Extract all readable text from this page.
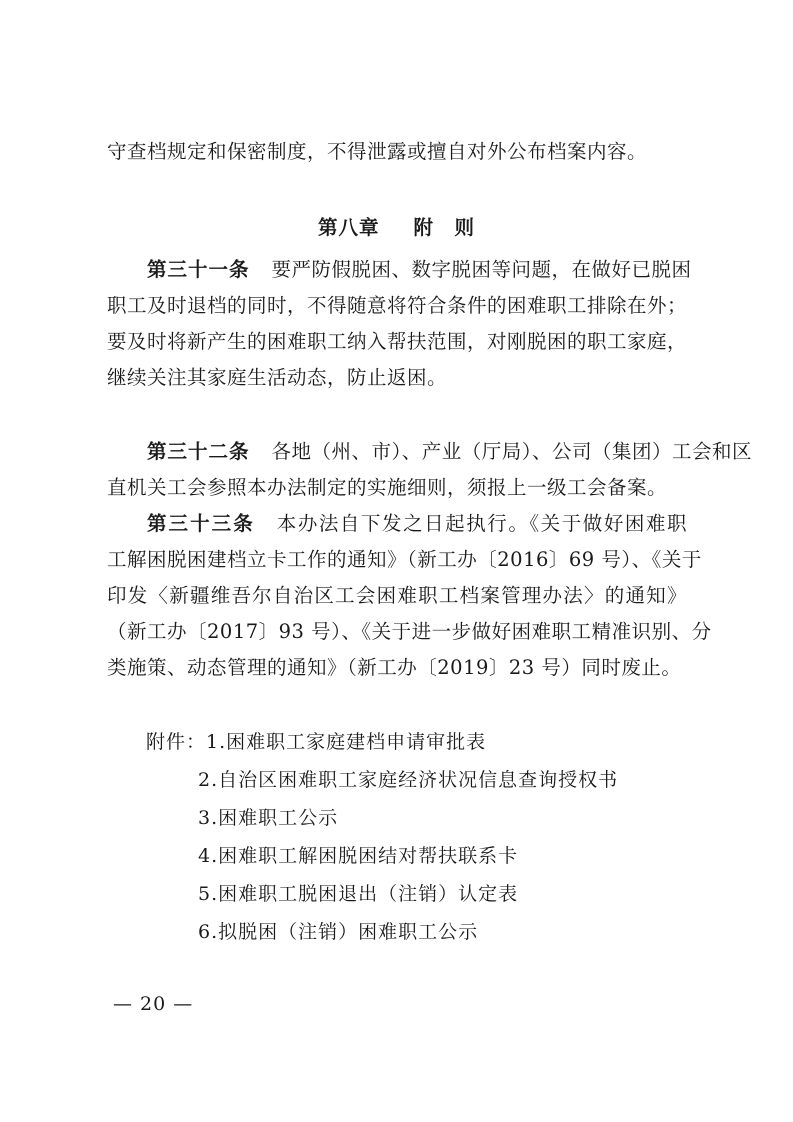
守查档规定和保密制度，不得泄露或擅自对外公布档案内容。
第八章 附　则
第三十一条 要严防假脱困、数字脱困等问题，在做好已脱困
职工及时退档的同时，不得随意将符合条件的困难职工排除在外；
要及时将新产生的困难职工纳入帮扶范围，对刚脱困的职工家庭，
继续关注其家庭生活动态，防止返困。
第三十二条 各地（州、市）、产业（厅局）、公司（集团）工会和区
直机关工会参照本办法制定的实施细则，须报上一级工会备案。
第三十三条 本办法自下发之日起执行。《关于做好困难职
工解困脱困建档立卡工作的通知》（新工办〔2016〕69 号）、《关于
印发〈新疆维吾尔自治区工会困难职工档案管理办法〉的通知》
（新工办〔2017〕93 号）、《关于进一步做好困难职工精准识别、分
类施策、动态管理的通知》（新工办〔2019〕23 号）同时废止。
附件：1.困难职工家庭建档申请审批表
2.自治区困难职工家庭经济状况信息查询授权书
3.困难职工公示
4.困难职工解困脱困结对帮扶联系卡
5.困难职工脱困退出（注销）认定表
6.拟脱困（注销）困难职工公示
— 20 —
